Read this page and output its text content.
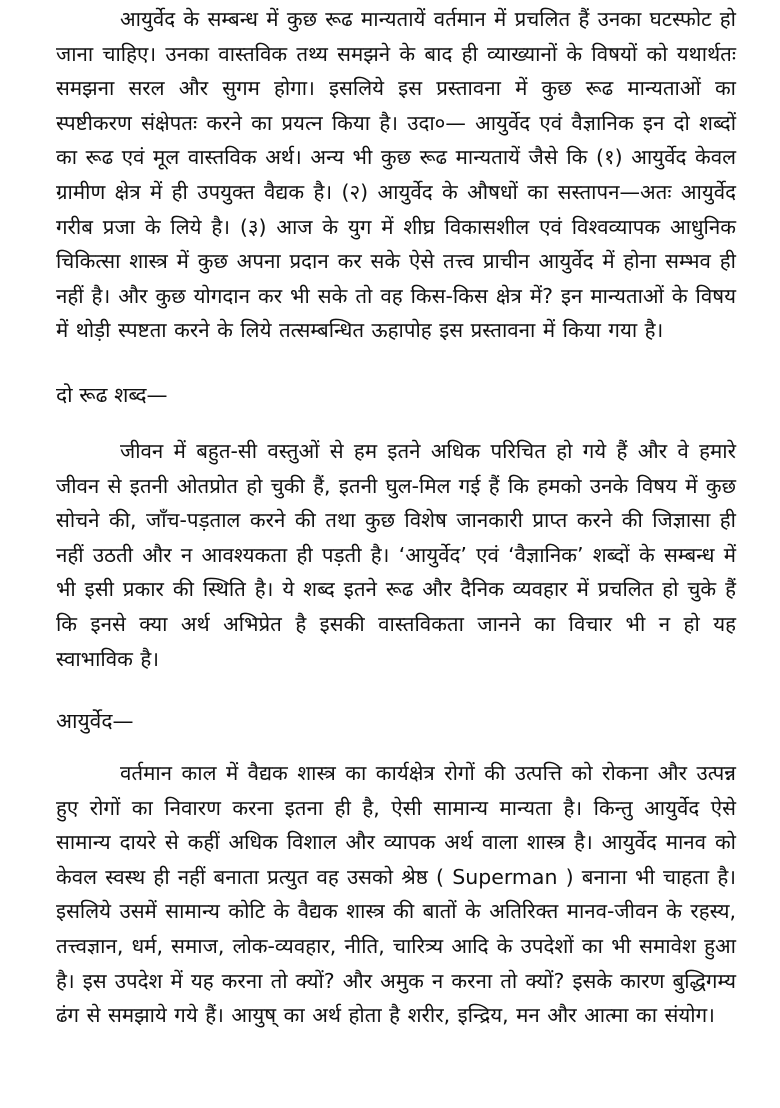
आयुर्वेद के सम्बन्ध में कुछ रूढ मान्यतायें वर्तमान में प्रचलित हैं उनका घटस्फोट हो जाना चाहिए। उनका वास्तविक तथ्य समझने के बाद ही व्याख्यानों के विषयों को यथार्थतः समझना सरल और सुगम होगा। इसलिये इस प्रस्तावना में कुछ रूढ मान्यताओं का स्पष्टीकरण संक्षेपतः करने का प्रयत्न किया है। उदा०— आयुर्वेद एवं वैज्ञानिक इन दो शब्दों का रूढ एवं मूल वास्तविक अर्थ। अन्य भी कुछ रूढ मान्यतायें जैसे कि (१) आयुर्वेद केवल ग्रामीण क्षेत्र में ही उपयुक्त वैद्यक है। (२) आयुर्वेद के औषधों का सस्तापन—अतः आयुर्वेद गरीब प्रजा के लिये है। (३) आज के युग में शीघ्र विकासशील एवं विश्वव्यापक आधुनिक चिकित्सा शास्त्र में कुछ अपना प्रदान कर सके ऐसे तत्त्व प्राचीन आयुर्वेद में होना सम्भव ही नहीं है। और कुछ योगदान कर भी सके तो वह किस-किस क्षेत्र में? इन मान्यताओं के विषय में थोड़ी स्पष्टता करने के लिये तत्सम्बन्धित ऊहापोह इस प्रस्तावना में किया गया है।

दो रूढ शब्द—

जीवन में बहुत-सी वस्तुओं से हम इतने अधिक परिचित हो गये हैं और वे हमारे जीवन से इतनी ओतप्रोत हो चुकी हैं, इतनी घुल-मिल गई हैं कि हमको उनके विषय में कुछ सोचने की, जाँच-पड़ताल करने की तथा कुछ विशेष जानकारी प्राप्त करने की जिज्ञासा ही नहीं उठती और न आवश्यकता ही पड़ती है। ‘आयुर्वेद’ एवं ‘वैज्ञानिक’ शब्दों के सम्बन्ध में भी इसी प्रकार की स्थिति है। ये शब्द इतने रूढ और दैनिक व्यवहार में प्रचलित हो चुके हैं कि इनसे क्या अर्थ अभिप्रेत है इसकी वास्तविकता जानने का विचार भी न हो यह स्वाभाविक है।

आयुर्वेद—

वर्तमान काल में वैद्यक शास्त्र का कार्यक्षेत्र रोगों की उत्पत्ति को रोकना और उत्पन्न हुए रोगों का निवारण करना इतना ही है, ऐसी सामान्य मान्यता है। किन्तु आयुर्वेद ऐसे सामान्य दायरे से कहीं अधिक विशाल और व्यापक अर्थ वाला शास्त्र है। आयुर्वेद मानव को केवल स्वस्थ ही नहीं बनाता प्रत्युत वह उसको श्रेष्ठ ( Superman ) बनाना भी चाहता है। इसलिये उसमें सामान्य कोटि के वैद्यक शास्त्र की बातों के अतिरिक्त मानव-जीवन के रहस्य, तत्त्वज्ञान, धर्म, समाज, लोक-व्यवहार, नीति, चारित्र्य आदि के उपदेशों का भी समावेश हुआ है। इस उपदेश में यह करना तो क्यों? और अमुक न करना तो क्यों? इसके कारण बुद्धिगम्य ढंग से समझाये गये हैं। आयुष् का अर्थ होता है शरीर, इन्द्रिय, मन और आत्मा का संयोग।
